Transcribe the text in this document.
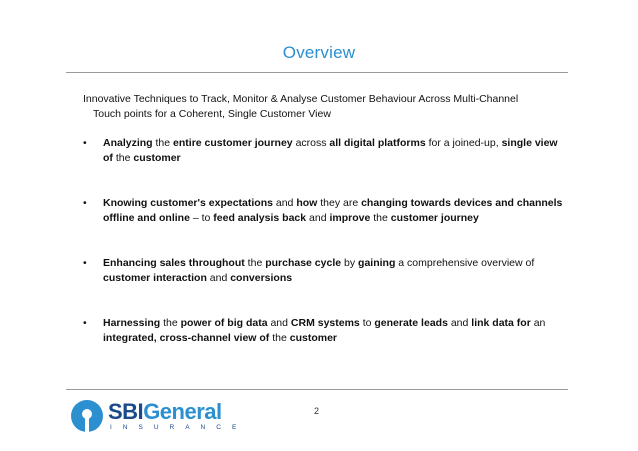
Overview
Innovative Techniques to Track, Monitor & Analyse Customer Behaviour Across Multi-Channel
Touch points for a Coherent, Single Customer View
• Analyzing the entire customer journey across all digital platforms for a joined-up, single view of the customer
• Knowing customer's expectations and how they are changing towards devices and channels offline and online – to feed analysis back and improve the customer journey
• Enhancing sales throughout the purchase cycle by gaining a comprehensive overview of customer interaction and conversions
• Harnessing the power of big data and CRM systems to generate leads and link data for an integrated, cross-channel view of the customer
SBIGeneral
INSURANCE
2
